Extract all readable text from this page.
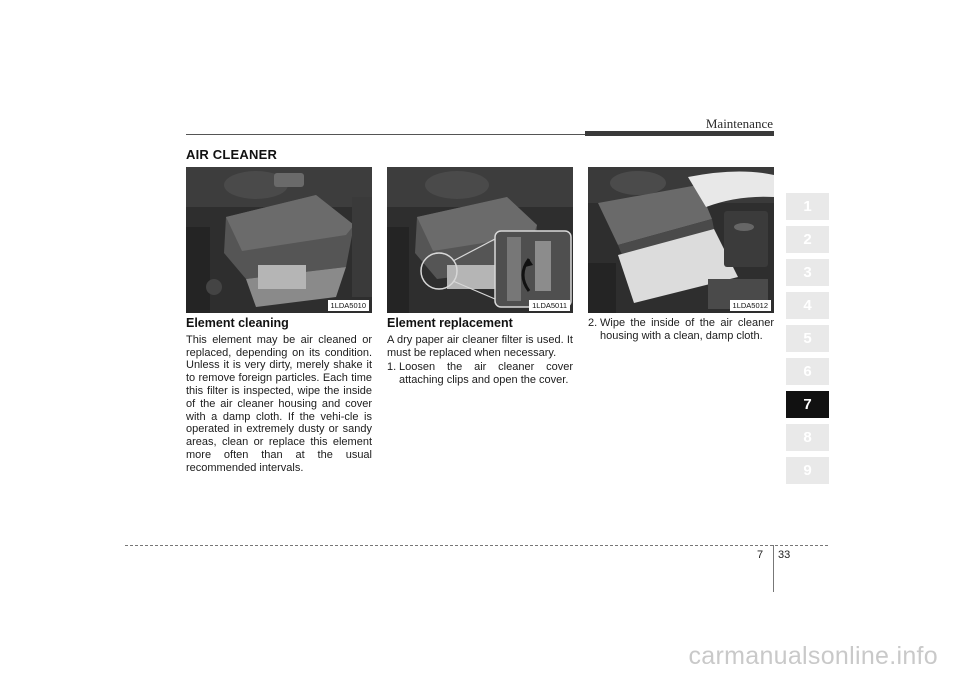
Maintenance
AIR CLEANER
1LDA5010	1LDA5011	1LDA5012
Element cleaning

This element may be air cleaned or replaced, depending on its condition. Unless it is very dirty, merely shake it to remove foreign particles. Each time this filter is inspected, wipe the inside of the air cleaner housing and cover with a damp cloth. If the vehi-cle is operated in extremely dusty or sandy areas, clean or replace this element more often than at the usual recommended intervals.

Element replacement

A dry paper air cleaner filter is used. It must be replaced when necessary.

1. Loosen the air cleaner cover attaching clips and open the cover.
2. Wipe the inside of the air cleaner housing with a clean, damp cloth.
1
2
3
4
5
6
7
8
9
7 33
carmanualsonline.info
